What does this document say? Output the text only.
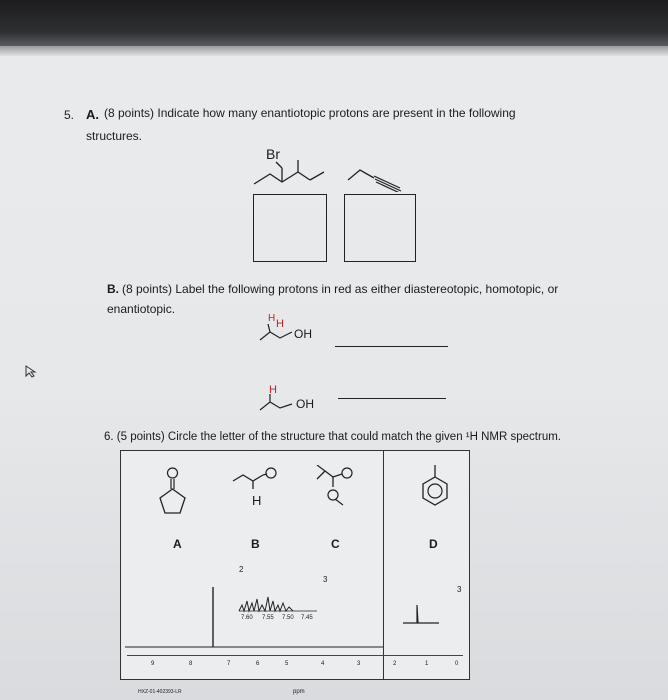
5. A. (8 points) Indicate how many enantiotopic protons are present in the following
structures.
Br
B. (8 points) Label the following protons in red as either diastereotopic, homotopic, or
enantiotopic.
H H
OH
H
OH
6. (5 points) Circle the letter of the structure that could match the given ¹H NMR spectrum.
H
A	B	C	D
2
3
3
7.60 7.55 7.50 7.45
9	8	7	6	5	4	3	2	1	0
HXZ-01-402393-LR	ppm
